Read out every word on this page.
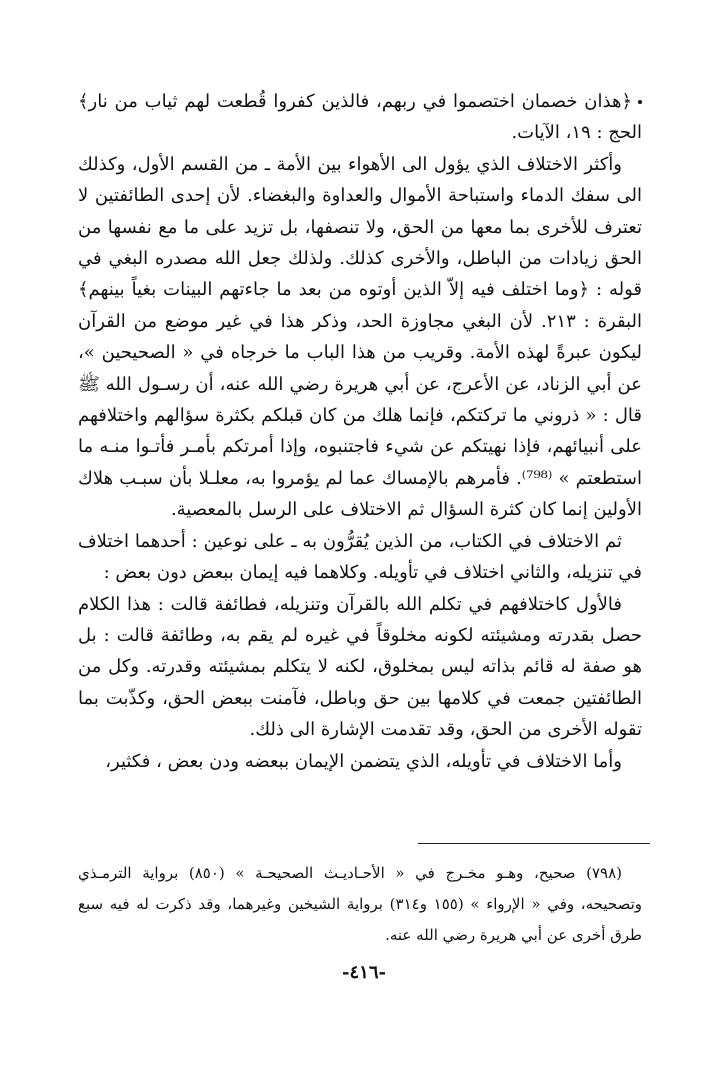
﴿هذان خصمان اختصموا في ربهم، فالذين كفروا قُطعت لهم ثياب من نار﴾ الحج : ١٩، الآيات.

وأكثر الاختلاف الذي يؤول الى الأهواء بين الأمة ـ من القسم الأول، وكذلك الى سفك الدماء واستباحة الأموال والعداوة والبغضاء. لأن إحدى الطائفتين لا تعترف للأخرى بما معها من الحق، ولا تنصفها، بل تزيد على ما مع نفسها من الحق زيادات من الباطل، والأخرى كذلك. ولذلك جعل الله مصدره البغي في قوله : ﴿وما اختلف فيه إلاّ الذين أوتوه من بعد ما جاءتهم البينات بغياً بينهم﴾ البقرة : ٢١٣. لأن البغي مجاوزة الحد، وذكر هذا في غير موضع من القرآن ليكون عبرةً لهذه الأمة. وقريب من هذا الباب ما خرجاه في « الصحيحين »، عن أبي الزناد، عن الأعرج، عن أبي هريرة رضي الله عنه، أن رسـول الله ﷺ قال : « ذروني ما تركتكم، فإنما هلك من كان قبلكم بكثرة سؤالهم واختلافهم على أنبيائهم، فإذا نهيتكم عن شيء فاجتنبوه، وإذا أمرتكم بأمـر فأتـوا منـه ما استطعتم » ⁽⁷⁹⁸⁾. فأمرهم بالإمساك عما لم يؤمروا به، معلـلا بأن سبـب هلاك الأولين إنما كان كثرة السؤال ثم الاختلاف على الرسل بالمعصية.

ثم الاختلاف في الكتاب، من الذين يُقرُّون به ـ على نوعين : أحدهما اختلاف في تنزيله، والثاني اختلاف في تأويله. وكلاهما فيه إيمان ببعض دون بعض :

فالأول كاختلافهم في تكلم الله بالقرآن وتنزيله، فطائفة قالت : هذا الكلام حصل بقدرته ومشيئته لكونه مخلوقاً في غيره لم يقم به، وطائفة قالت : بل هو صفة له قائم بذاته ليس بمخلوق، لكنه لا يتكلم بمشيئته وقدرته. وكل من الطائفتين جمعت في كلامها بين حق وباطل، فآمنت ببعض الحق، وكذّبت بما تقوله الأخرى من الحق، وقد تقدمت الإشارة الى ذلك.

وأما الاختلاف في تأويله، الذي يتضمن الإيمان ببعضه ودن بعض ، فكثير،

(٧٩٨) صحيح، وهـو مخـرج في « الأحـاديـث الصحيحـة » (٨٥٠) برواية الترمـذي وتصحيحه، وفي « الإرواء » (١٥٥ و٣١٤) برواية الشيخين وغيرهما، وقد ذكرت له فيه سبع طرق أخرى عن أبي هريرة رضي الله عنه.

-٤١٦-
